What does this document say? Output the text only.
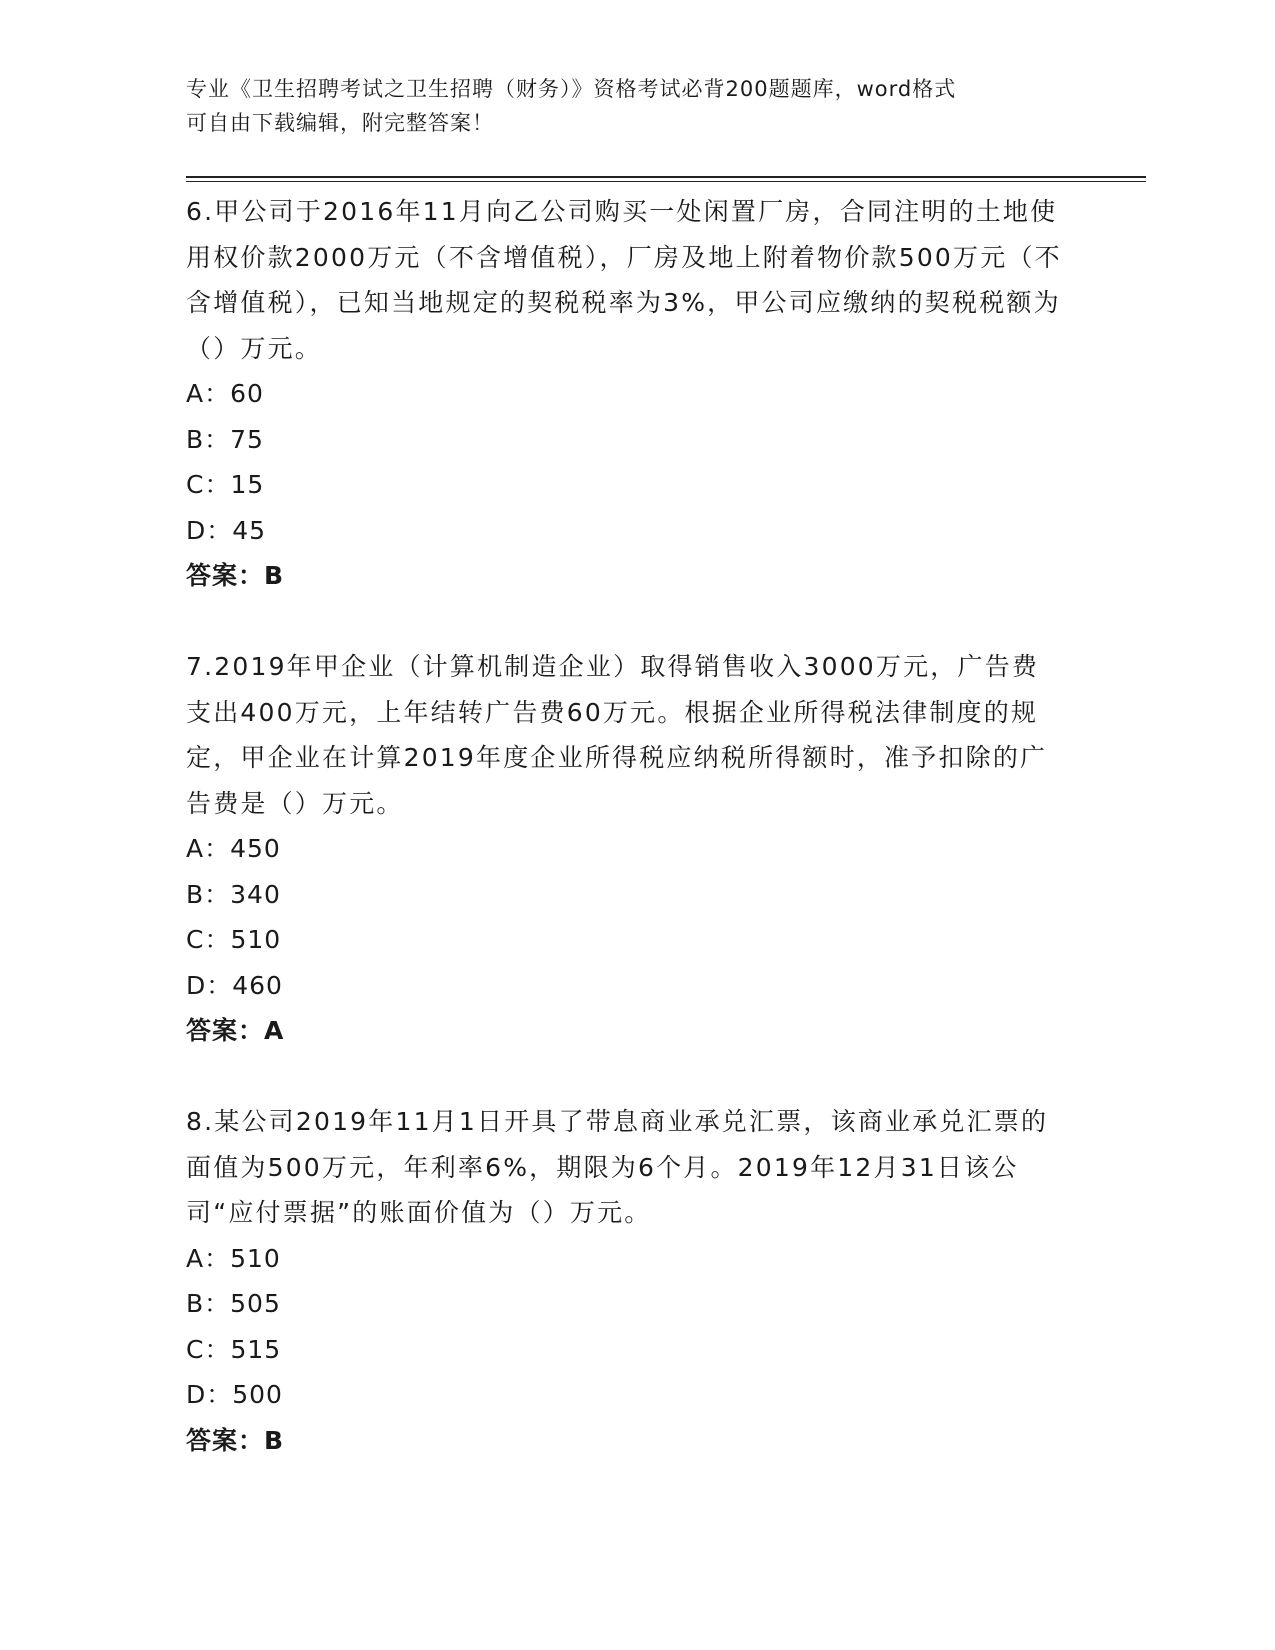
专业《卫生招聘考试之卫生招聘（财务）》资格考试必背200题题库，word格式
可自由下载编辑，附完整答案！

6.甲公司于2016年11月向乙公司购买一处闲置厂房，合同注明的土地使用权价款2000万元（不含增值税），厂房及地上附着物价款500万元（不含增值税），已知当地规定的契税税率为3%，甲公司应缴纳的契税税额为（）万元。

A：60

B：75

C：15

D：45

答案：B

7.2019年甲企业（计算机制造企业）取得销售收入3000万元，广告费支出400万元，上年结转广告费60万元。根据企业所得税法律制度的规定，甲企业在计算2019年度企业所得税应纳税所得额时，准予扣除的广告费是（）万元。

A：450

B：340

C：510

D：460

答案：A

8.某公司2019年11月1日开具了带息商业承兑汇票，该商业承兑汇票的面值为500万元，年利率6%，期限为6个月。2019年12月31日该公司“应付票据”的账面价值为（）万元。

A：510

B：505

C：515

D：500

答案：B
